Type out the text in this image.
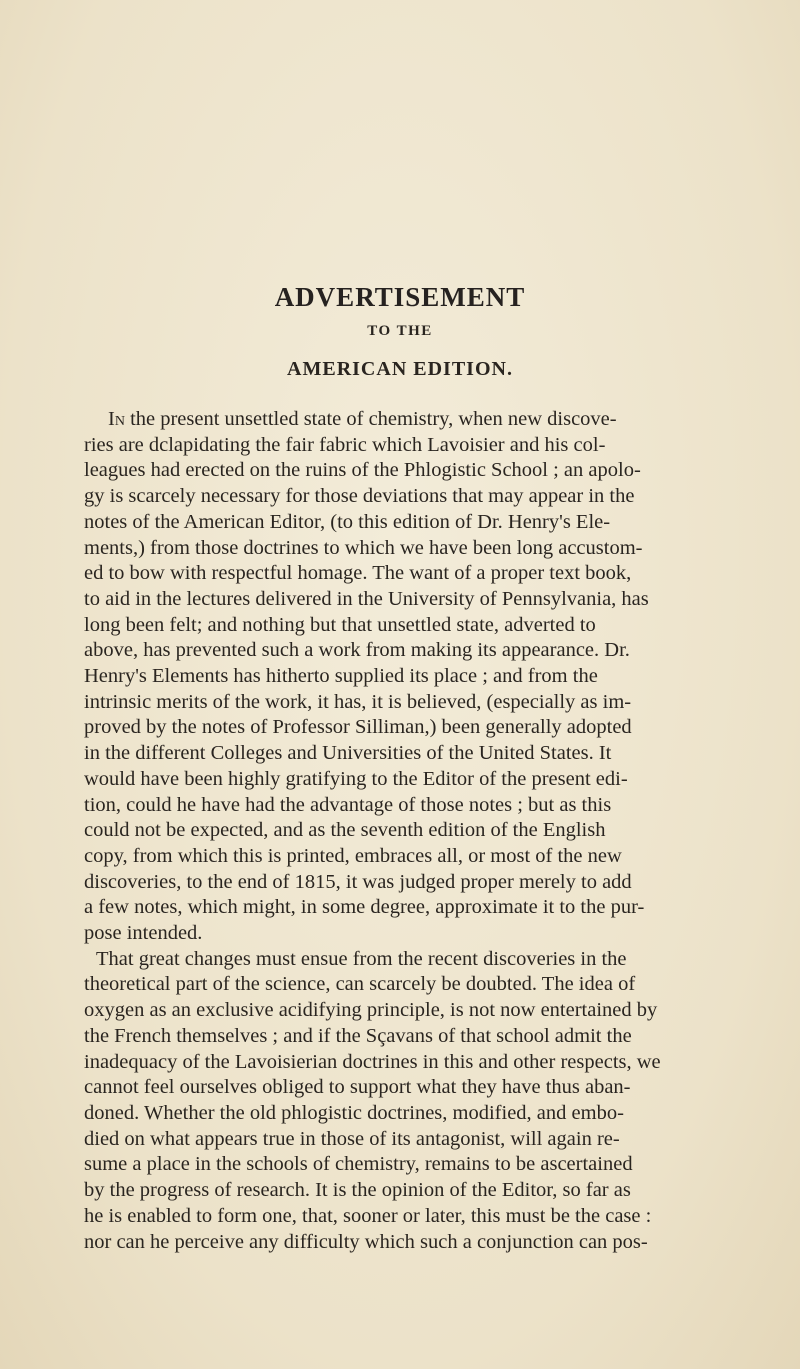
ADVERTISEMENT
TO THE
AMERICAN EDITION.
In the present unsettled state of chemistry, when new discove-
ries are dclapidating the fair fabric which Lavoisier and his col-
leagues had erected on the ruins of the Phlogistic School ; an apolo-
gy is scarcely necessary for those deviations that may appear in the
notes of the American Editor, (to this edition of Dr. Henry's Ele-
ments,) from those doctrines to which we have been long accustom-
ed to bow with respectful homage. The want of a proper text book,
to aid in the lectures delivered in the University of Pennsylvania, has
long been felt; and nothing but that unsettled state, adverted to
above, has prevented such a work from making its appearance. Dr.
Henry's Elements has hitherto supplied its place ; and from the
intrinsic merits of the work, it has, it is believed, (especially as im-
proved by the notes of Professor Silliman,) been generally adopted
in the different Colleges and Universities of the United States. It
would have been highly gratifying to the Editor of the present edi-
tion, could he have had the advantage of those notes ; but as this
could not be expected, and as the seventh edition of the English
copy, from which this is printed, embraces all, or most of the new
discoveries, to the end of 1815, it was judged proper merely to add
a few notes, which might, in some degree, approximate it to the pur-
pose intended.
That great changes must ensue from the recent discoveries in the
theoretical part of the science, can scarcely be doubted. The idea of
oxygen as an exclusive acidifying principle, is not now entertained by
the French themselves ; and if the Sçavans of that school admit the
inadequacy of the Lavoisierian doctrines in this and other respects, we
cannot feel ourselves obliged to support what they have thus aban-
doned. Whether the old phlogistic doctrines, modified, and embo-
died on what appears true in those of its antagonist, will again re-
sume a place in the schools of chemistry, remains to be ascertained
by the progress of research. It is the opinion of the Editor, so far as
he is enabled to form one, that, sooner or later, this must be the case :
nor can he perceive any difficulty which such a conjunction can pos-
